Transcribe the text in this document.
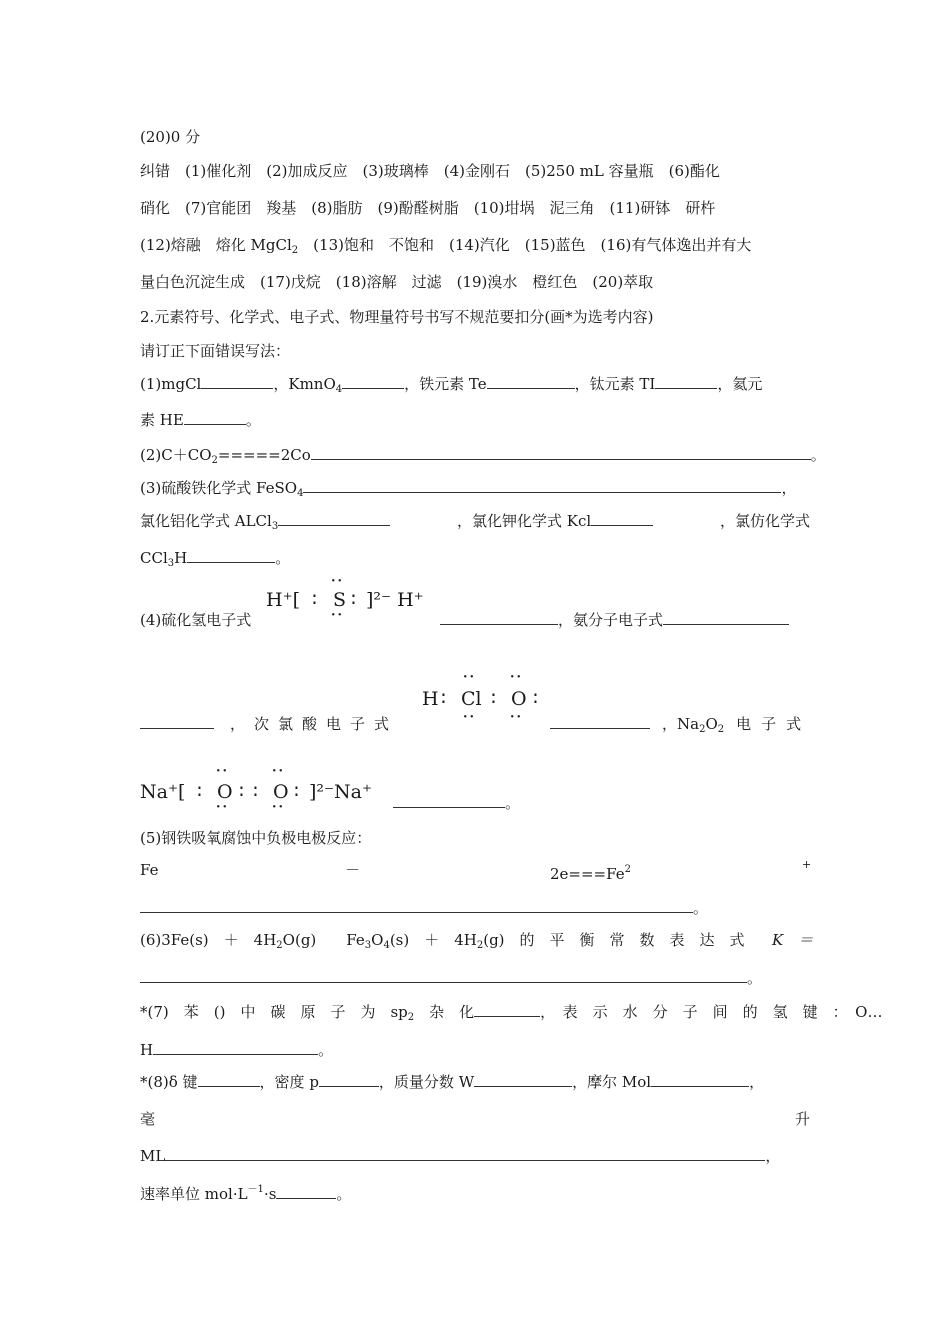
(20)0 分
纠错　(1)催化剂　(2)加成反应　(3)玻璃棒　(4)金刚石　(5)250 mL 容量瓶　(6)酯化
硝化　(7)官能团　羧基　(8)脂肪　(9)酚醛树脂　(10)坩埚　泥三角　(11)研钵　研杵
(12)熔融　熔化 MgCl$_2$　(13)饱和　不饱和　(14)汽化　(15)蓝色　(16)有气体逸出并有大
量白色沉淀生成　(17)戊烷　(18)溶解　过滤　(19)溴水　橙红色　(20)萃取
2.元素符号、化学式、电子式、物理量符号书写不规范要扣分(画*为选考内容)
请订正下面错误写法：
(1)mgCl	，KmnO$_4$	，铁元素 Te	，钛元素 TI	，氦元
素 HE	。
$(2)C+CO_2=====2Co$	。
(3)硫酸铁化学式 FeSO$_4$	，
氯化铝化学式 ALCl$_3$	，氯化钾化学式 Kcl	，氯仿化学式
CCl$_3$H	。
(4)硫化氢电子式
H⁺[ ∶
··
S
··
∶ ]²⁻ H⁺
，氨分子电子式
H ∶
··
Cl
··
∶
··
O
··
∶
，次氯酸电子式	，$Na_2O_2$ 电子式
Na⁺[ ∶
··
O
··
∶ ∶
··
O
··
∶ ]²⁻Na⁺	。
(5)钢铁吸氧腐蚀中负极电极反应：
Fe	－	$2e===Fe^2$	+
。
(6)3Fe(s)　＋　$4H_2O(g)$　　$Fe_3O_4(s)$　＋　$4H_2(g)$　的　平　衡　常　数　表　达　式 K　＝
。
*(7)　苯　()　中　碳　原　子　为　$sp_2$　 杂　化	，　表　示　水　分　子　间　的　氢　键　：　O…
H	。
*(8)δ 键	，密度 p	，质量分数 W	，摩尔 Mol	，
毫	升
ML	，
速率单位 $mol\cdot L^{-1}\cdot s$	。
